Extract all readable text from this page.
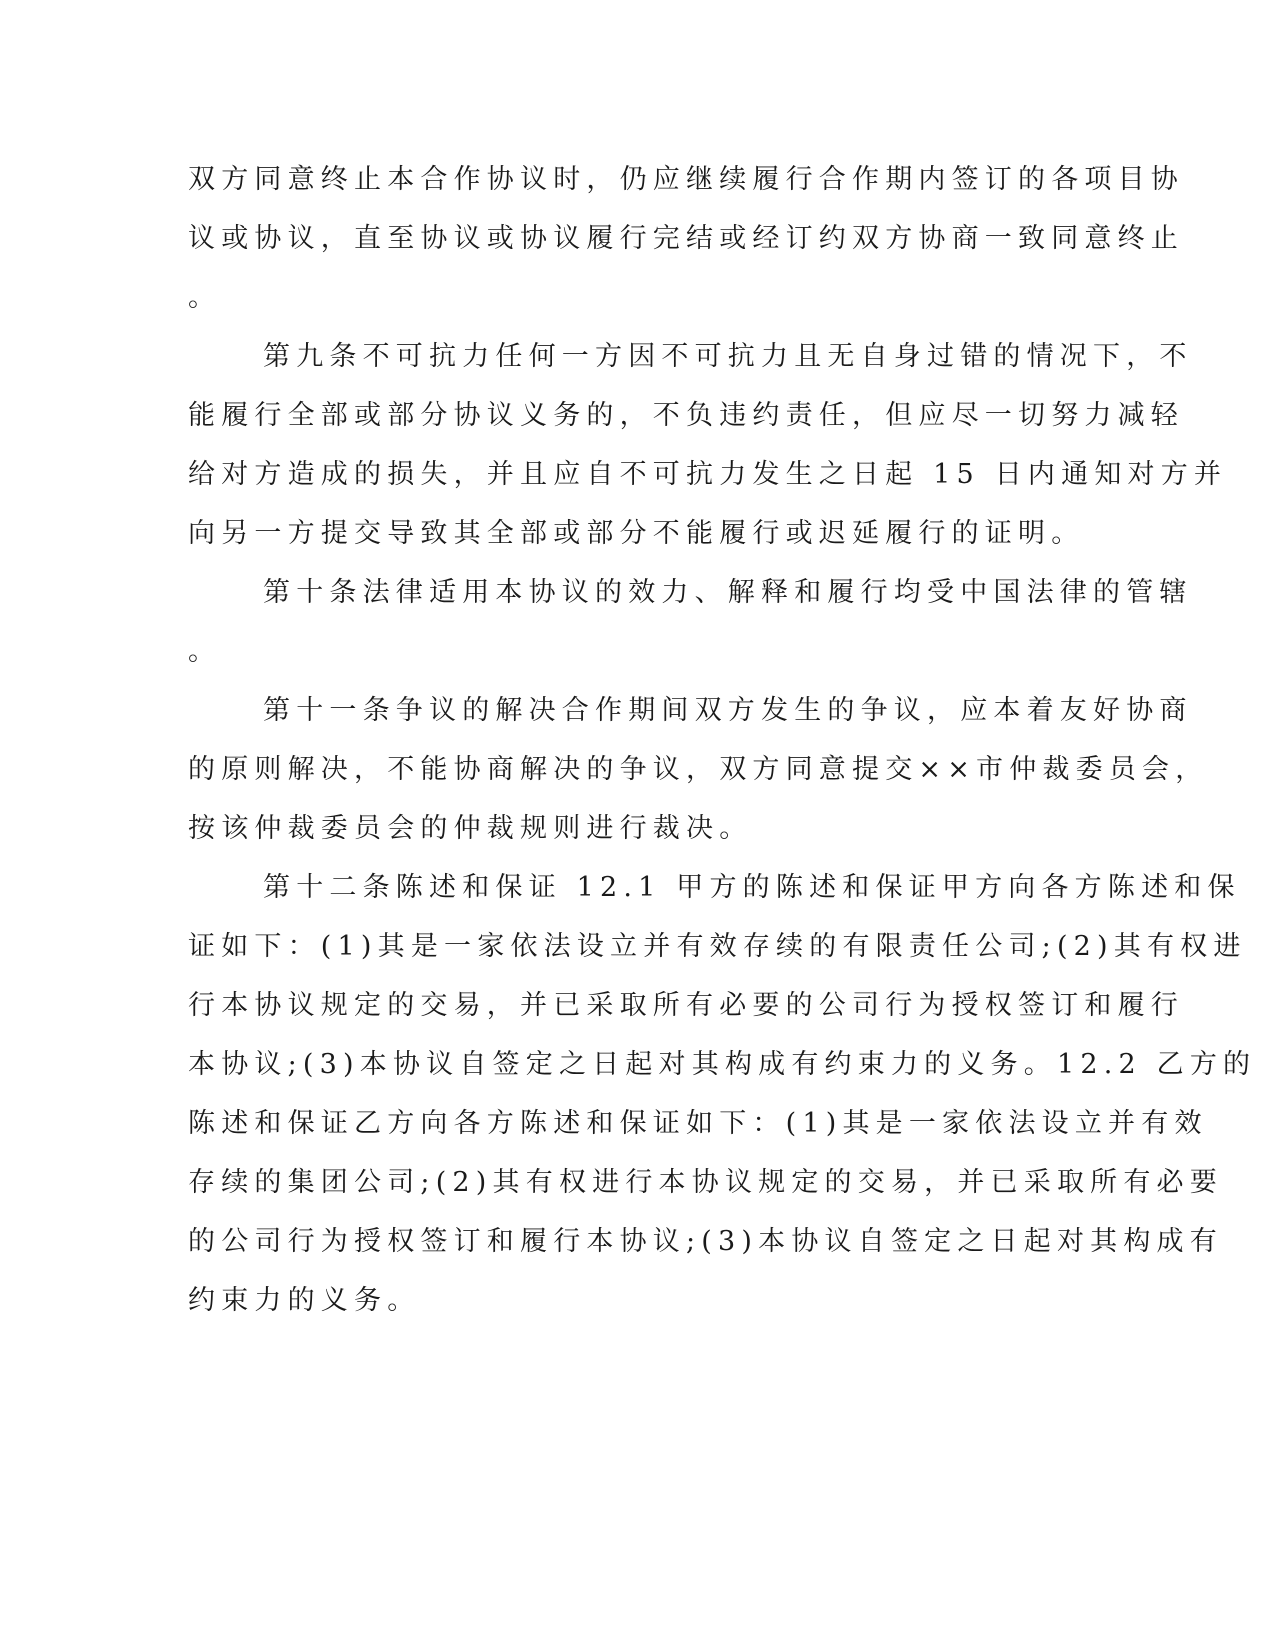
双方同意终止本合作协议时，仍应继续履行合作期内签订的各项目协
议或协议，直至协议或协议履行完结或经订约双方协商一致同意终止
。
第九条不可抗力任何一方因不可抗力且无自身过错的情况下，不
能履行全部或部分协议义务的，不负违约责任，但应尽一切努力减轻
给对方造成的损失，并且应自不可抗力发生之日起 15 日内通知对方并
向另一方提交导致其全部或部分不能履行或迟延履行的证明。
第十条法律适用本协议的效力、解释和履行均受中国法律的管辖
。
第十一条争议的解决合作期间双方发生的争议，应本着友好协商
的原则解决，不能协商解决的争议，双方同意提交××市仲裁委员会，
按该仲裁委员会的仲裁规则进行裁决。
第十二条陈述和保证 12.1 甲方的陈述和保证甲方向各方陈述和保
证如下：(1)其是一家依法设立并有效存续的有限责任公司;(2)其有权进
行本协议规定的交易，并已采取所有必要的公司行为授权签订和履行
本协议;(3)本协议自签定之日起对其构成有约束力的义务。12.2 乙方的
陈述和保证乙方向各方陈述和保证如下：(1)其是一家依法设立并有效
存续的集团公司;(2)其有权进行本协议规定的交易，并已采取所有必要
的公司行为授权签订和履行本协议;(3)本协议自签定之日起对其构成有
约束力的义务。
